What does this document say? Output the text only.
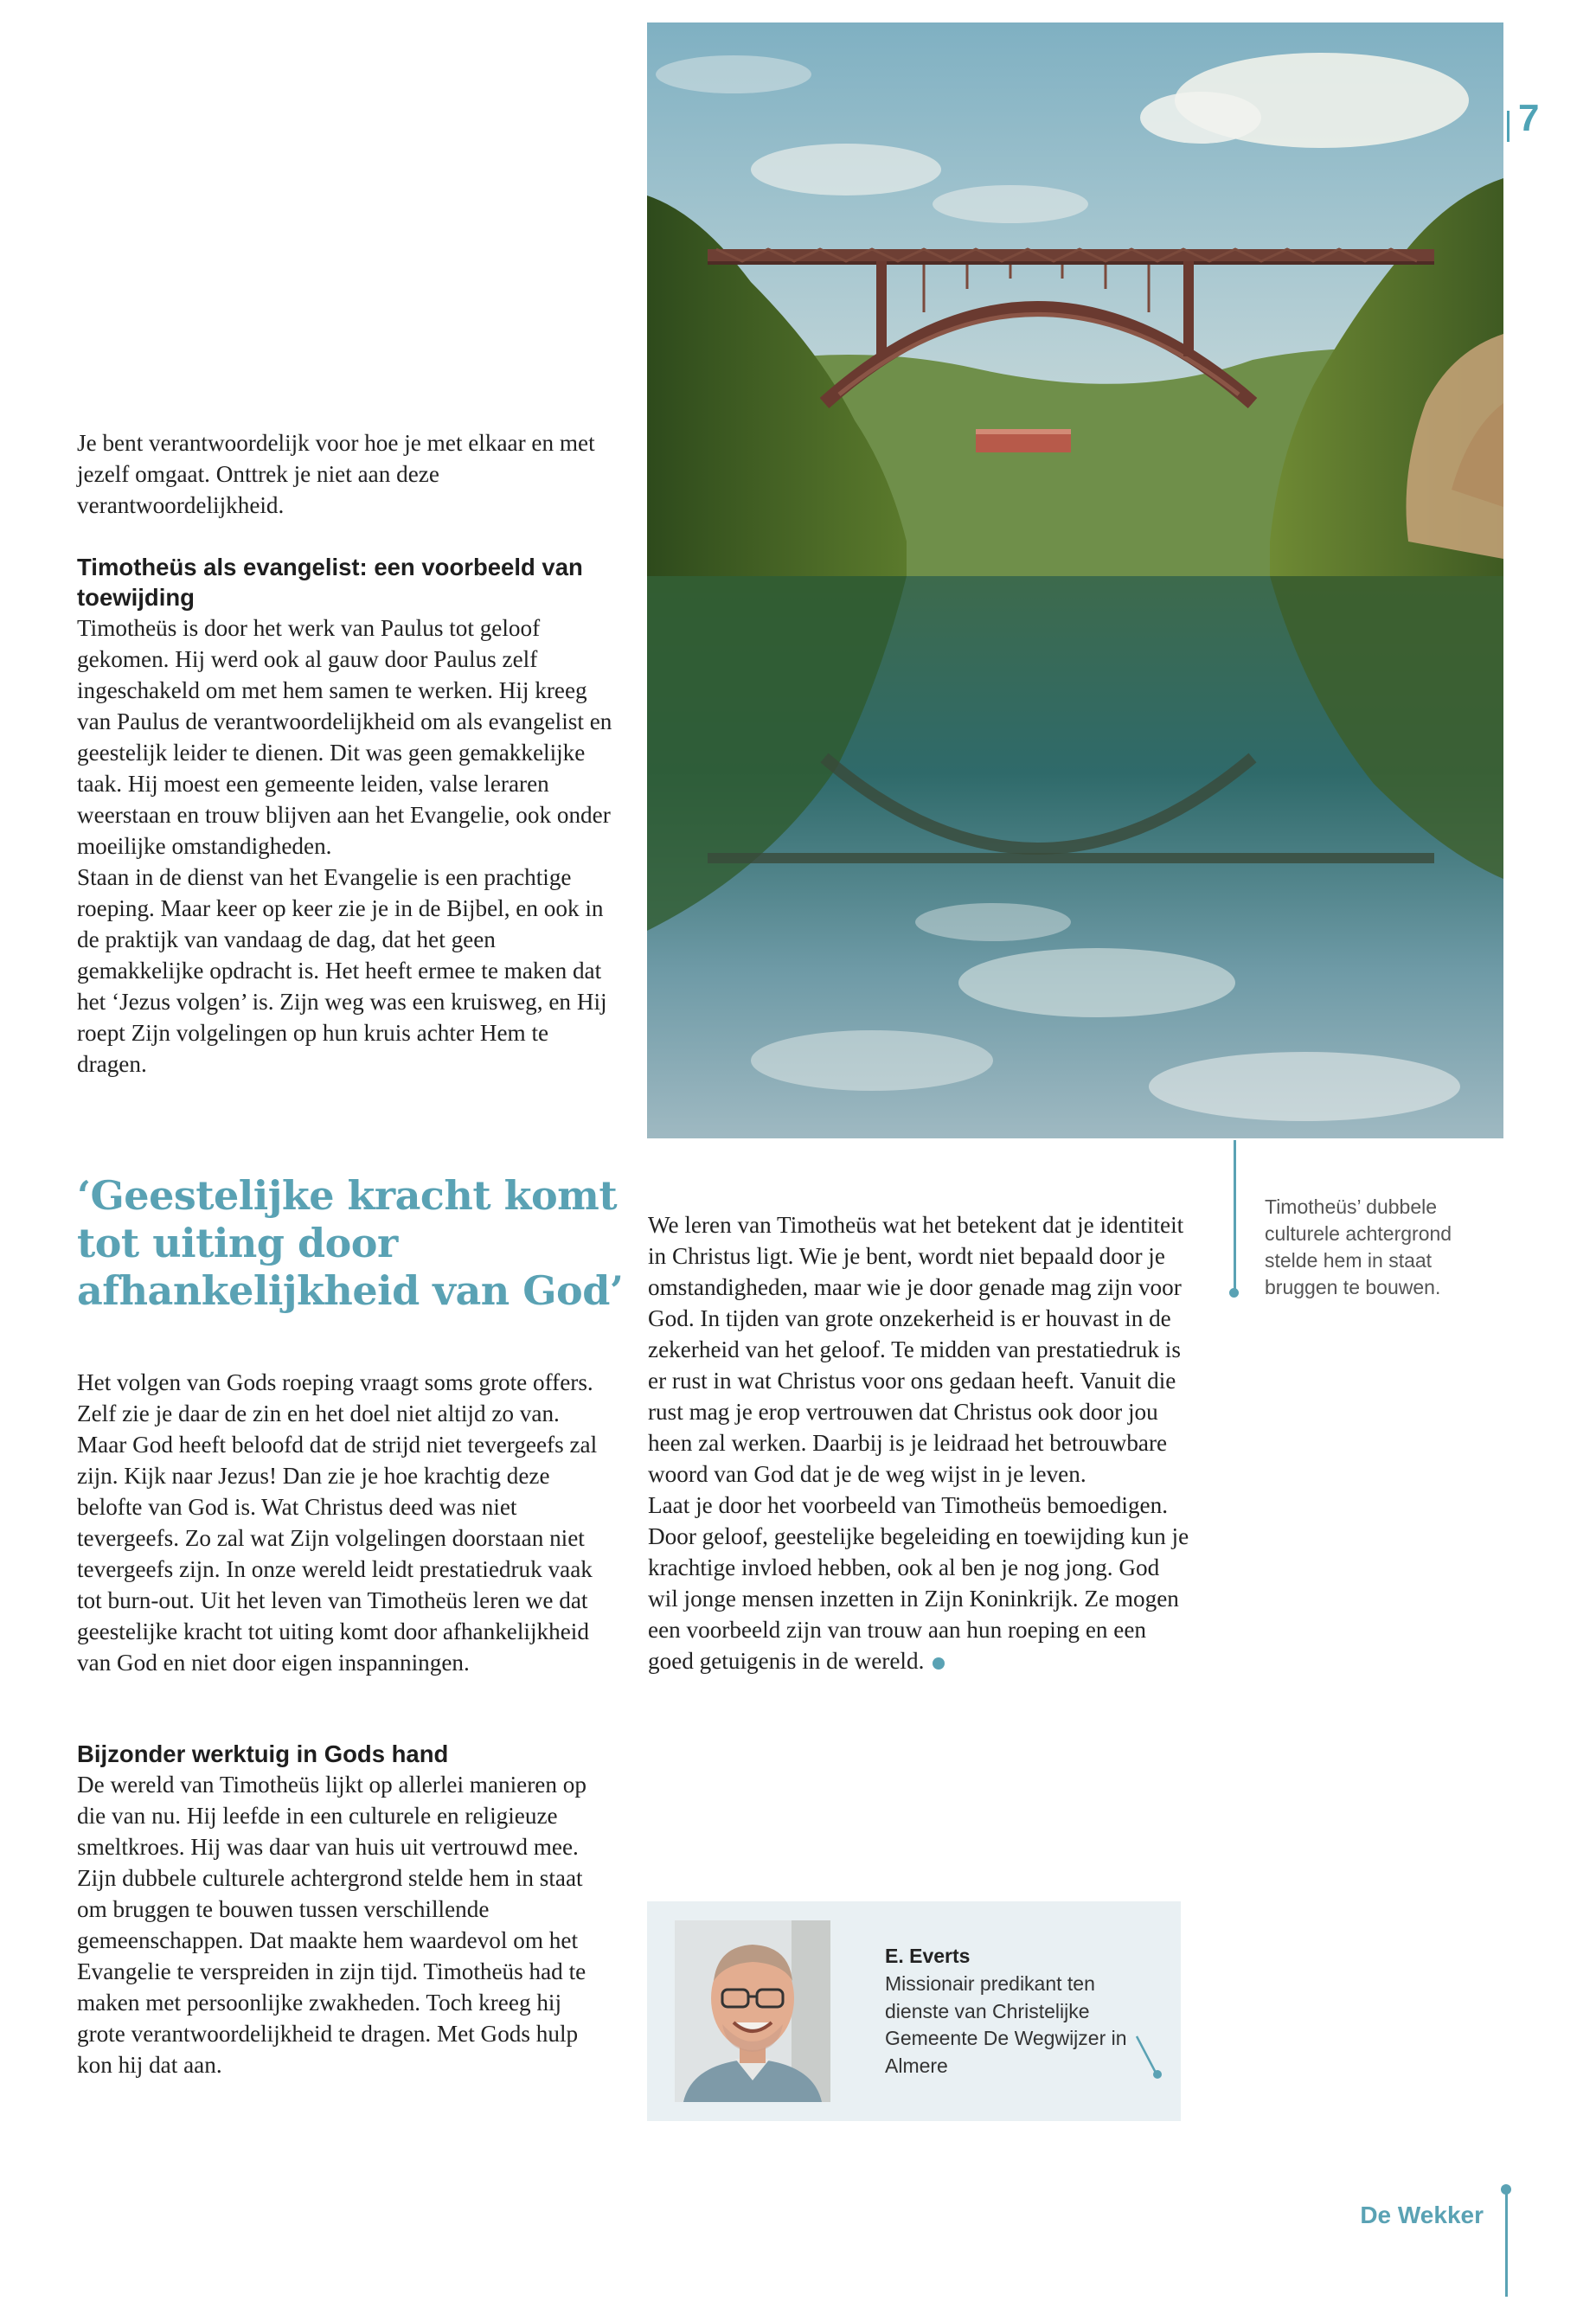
7

Je bent verantwoordelijk voor hoe je met elkaar en met jezelf omgaat. Onttrek je niet aan deze verantwoordelijkheid.

Timotheüs als evangelist: een voorbeeld van toewijding

Timotheüs is door het werk van Paulus tot geloof gekomen. Hij werd ook al gauw door Paulus zelf ingeschakeld om met hem samen te werken. Hij kreeg van Paulus de verantwoordelijkheid om als evangelist en geestelijk leider te dienen. Dit was geen gemakkelijke taak. Hij moest een gemeente leiden, valse leraren weerstaan en trouw blijven aan het Evangelie, ook onder moeilijke omstandigheden.

Staan in de dienst van het Evangelie is een prachtige roeping. Maar keer op keer zie je in de Bijbel, en ook in de praktijk van vandaag de dag, dat het geen gemakkelijke opdracht is. Het heeft ermee te maken dat het ‘Jezus volgen’ is. Zijn weg was een kruisweg, en Hij roept Zijn volgelingen op hun kruis achter Hem te dragen.

‘Geestelijke kracht komt tot uiting door afhankelijkheid van God’

Het volgen van Gods roeping vraagt soms grote offers. Zelf zie je daar de zin en het doel niet altijd zo van. Maar God heeft beloofd dat de strijd niet tevergeefs zal zijn. Kijk naar Jezus! Dan zie je hoe krachtig deze belofte van God is. Wat Christus deed was niet tevergeefs. Zo zal wat Zijn volgelingen doorstaan niet tevergeefs zijn. In onze wereld leidt prestatiedruk vaak tot burn-out. Uit het leven van Timotheüs leren we dat geestelijke kracht tot uiting komt door afhankelijkheid van God en niet door eigen inspanningen.

Bijzonder werktuig in Gods hand

De wereld van Timotheüs lijkt op allerlei manieren op die van nu. Hij leefde in een culturele en religieuze smeltkroes. Hij was daar van huis uit vertrouwd mee. Zijn dubbele culturele achtergrond stelde hem in staat om bruggen te bouwen tussen verschillende gemeenschappen. Dat maakte hem waardevol om het Evangelie te verspreiden in zijn tijd. Timotheüs had te maken met persoonlijke zwakheden. Toch kreeg hij grote verantwoordelijkheid te dragen. Met Gods hulp kon hij dat aan.

We leren van Timotheüs wat het betekent dat je identiteit in Christus ligt. Wie je bent, wordt niet bepaald door je omstandigheden, maar wie je door genade mag zijn voor God. In tijden van grote onzekerheid is er houvast in de zekerheid van het geloof. Te midden van prestatiedruk is er rust in wat Christus voor ons gedaan heeft. Vanuit die rust mag je erop vertrouwen dat Christus ook door jou heen zal werken. Daarbij is je leidraad het betrouwbare woord van God dat je de weg wijst in je leven.

Laat je door het voorbeeld van Timotheüs bemoedigen. Door geloof, geestelijke begeleiding en toewijding kun je krachtige invloed hebben, ook al ben je nog jong. God wil jonge mensen inzetten in Zijn Koninkrijk. Ze mogen een voorbeeld zijn van trouw aan hun roeping en een goed getuigenis in de wereld.

Timotheüs’ dubbele culturele achtergrond stelde hem in staat bruggen te bouwen.

E. Everts

Missionair predikant ten dienste van Christelijke Gemeente De Wegwijzer in Almere

De Wekker
